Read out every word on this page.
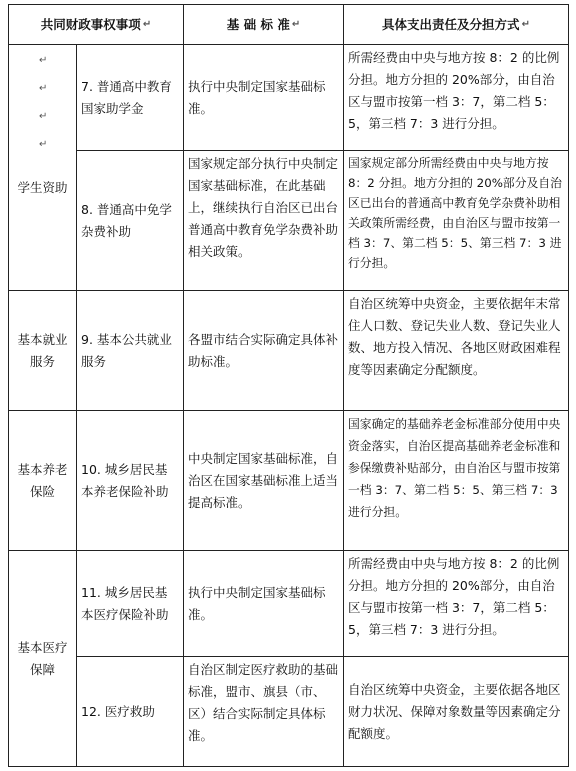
共同财政事权事项 ↵	基 础 标 准 ↵	具体支出责任及分担方式 ↵
↵
↵
↵
↵
学生资助
基本就业服务
基本养老保险
基本医疗保障
7. 普通高中教育国家助学金
执行中央制定国家基础标准。
所需经费由中央与地方按 8：2 的比例分担。地方分担的 20%部分，由自治区与盟市按第一档 3：7，第二档 5：5，第三档 7：3 进行分担。
8. 普通高中免学杂费补助
国家规定部分执行中央制定国家基础标准，在此基础上，继续执行自治区已出台普通高中教育免学杂费补助相关政策。
国家规定部分所需经费由中央与地方按 8：2 分担。地方分担的 20%部分及自治区已出台的普通高中教育免学杂费补助相关政策所需经费，由自治区与盟市按第一档 3：7、第二档 5：5、第三档 7：3 进行分担。
9. 基本公共就业服务
各盟市结合实际确定具体补助标准。
自治区统筹中央资金，主要依据年末常住人口数、登记失业人数、登记失业人数、地方投入情况、各地区财政困难程度等因素确定分配额度。
10. 城乡居民基本养老保险补助
中央制定国家基础标准，自治区在国家基础标准上适当提高标准。
国家确定的基础养老金标准部分使用中央资金落实，自治区提高基础养老金标准和参保缴费补贴部分，由自治区与盟市按第一档 3：7、第二档 5：5、第三档 7：3 进行分担。
11. 城乡居民基本医疗保险补助
执行中央制定国家基础标准。
所需经费由中央与地方按 8：2 的比例分担。地方分担的 20%部分，由自治区与盟市按第一档 3：7，第二档 5：5，第三档 7：3 进行分担。
12. 医疗救助
自治区制定医疗救助的基础标准，盟市、旗县（市、区）结合实际制定具体标准。
自治区统筹中央资金，主要依据各地区财力状况、保障对象数量等因素确定分配额度。
